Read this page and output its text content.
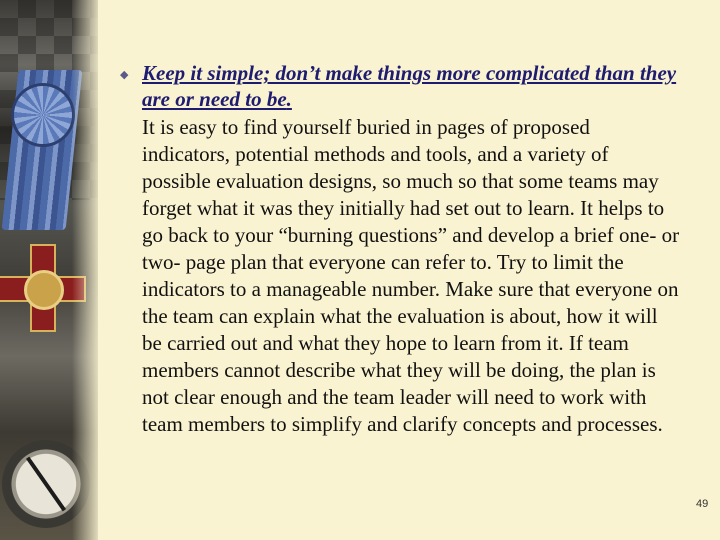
◆ Keep it simple; don’t make things more complicated than they are or need to be.

It is easy to find yourself buried in pages of proposed indicators, potential methods and tools, and a variety of possible evaluation designs, so much so that some teams may forget what it was they initially had set out to learn. It helps to go back to your “burning questions” and develop a brief one- or two- page plan that everyone can refer to. Try to limit the indicators to a manageable number. Make sure that everyone on the team can explain what the evaluation is about, how it will be carried out and what they hope to learn from it. If team members cannot describe what they will be doing, the plan is not clear enough and the team leader will need to work with team members to simplify and clarify concepts and processes.

49
